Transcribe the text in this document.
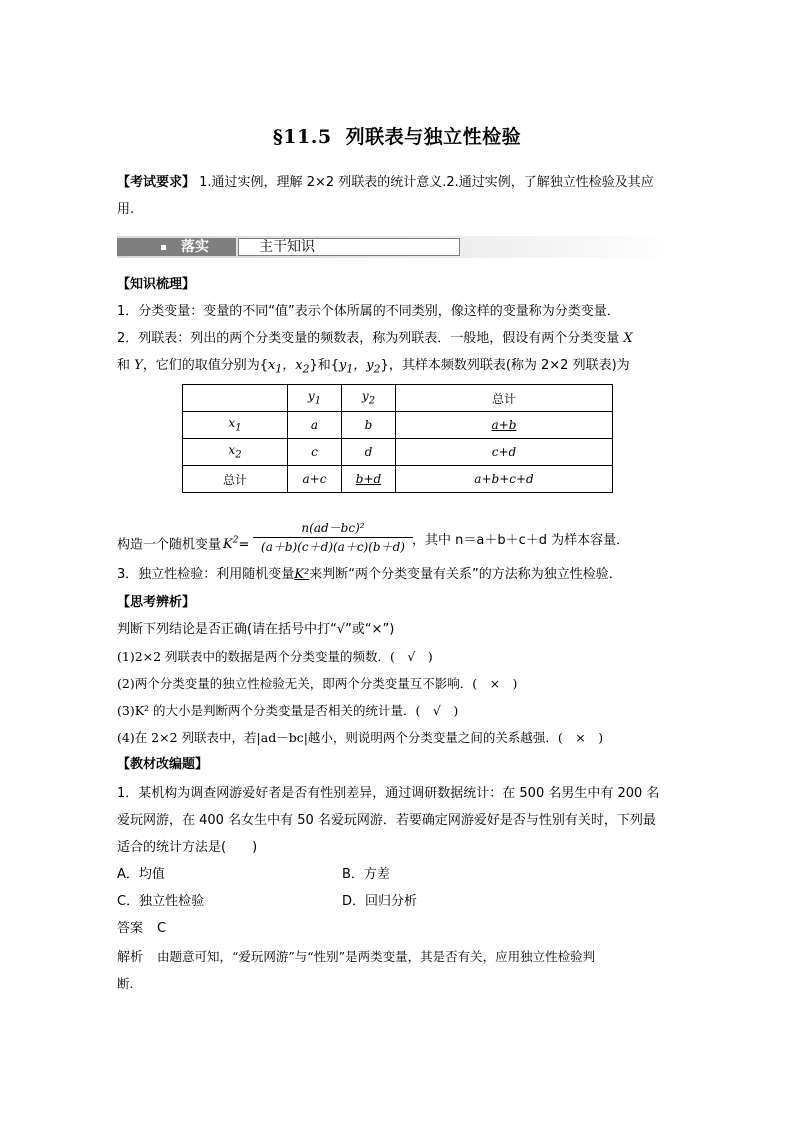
§11.5 列联表与独立性检验
【考试要求】 1.通过实例，理解 2×2 列联表的统计意义.2.通过实例，了解独立性检验及其应
用.
落实	主干知识
【知识梳理】
1．分类变量：变量的不同“值”表示个体所属的不同类别，像这样的变量称为分类变量．
2．列联表：列出的两个分类变量的频数表，称为列联表．一般地，假设有两个分类变量 X
和 Y，它们的取值分别为{$x_1$，$x_2$}和{$y_1$，$y_2$}，其样本频数列联表(称为 2×2 列联表)为
	$y_1$	$y_2$	总计
$x_1$	a	b	a+b
$x_2$	c	d	c+d
总计	a+c	b+d	a+b+c+d
构造一个随机变量 $K^2=$
n(ad－bc)²
(a＋b)(c＋d)(a＋c)(b＋d) ，其中 n＝a＋b＋c＋d 为样本容量．
3．独立性检验：利用随机变量K²来判断“两个分类变量有关系”的方法称为独立性检验．
【思考辨析】
判断下列结论是否正确(请在括号中打“√”或“×”)
(1)2×2 列联表中的数据是两个分类变量的频数．(　√　)
(2)两个分类变量的独立性检验无关，即两个分类变量互不影响．(　×　)
(3)K² 的大小是判断两个分类变量是否相关的统计量．(　√　)
(4)在 2×2 列联表中，若|ad－bc|越小，则说明两个分类变量之间的关系越强．(　×　)
【教材改编题】
1．某机构为调查网游爱好者是否有性别差异，通过调研数据统计：在 500 名男生中有 200 名
爱玩网游，在 400 名女生中有 50 名爱玩网游．若要确定网游爱好是否与性别有关时，下列最
适合的统计方法是(　　)
A．均值	B．方差
C．独立性检验	D．回归分析
答案 C
解析 由题意可知，“爱玩网游”与“性别”是两类变量，其是否有关，应用独立性检验判
断.
